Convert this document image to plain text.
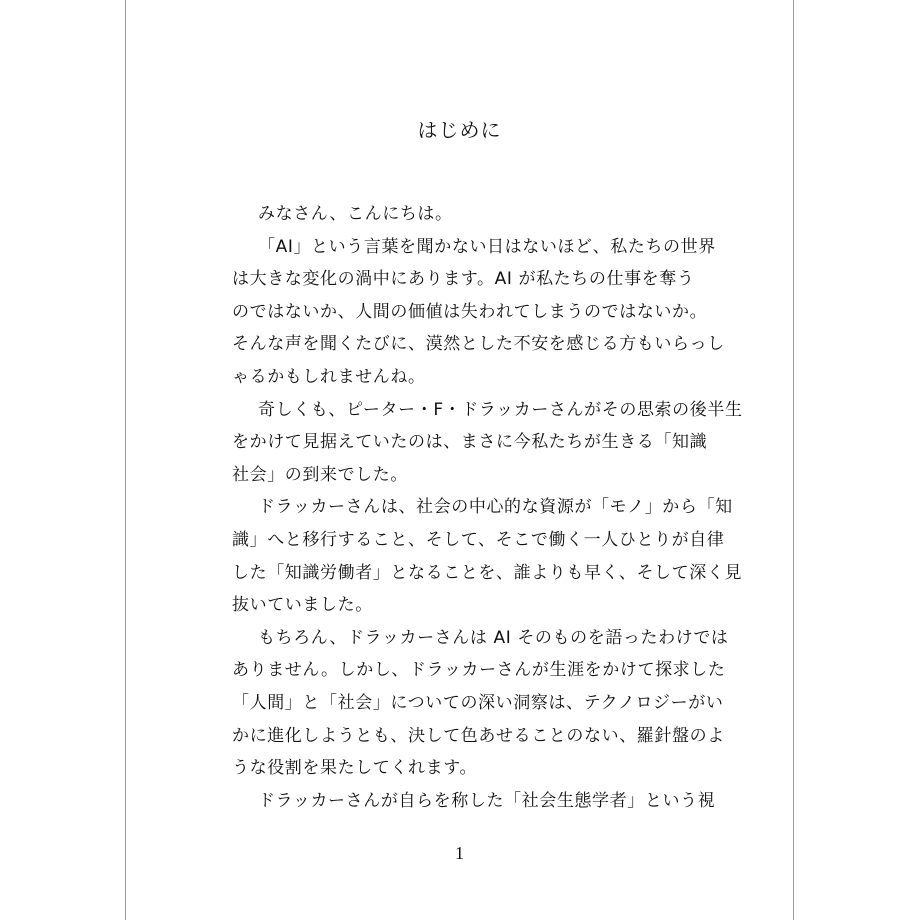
はじめに
みなさん、こんにちは。
「AI」という言葉を聞かない日はないほど、私たちの世界
は大きな変化の渦中にあります。AI が私たちの仕事を奪う
のではないか、人間の価値は失われてしまうのではないか。
そんな声を聞くたびに、漠然とした不安を感じる方もいらっし
ゃるかもしれませんね。
奇しくも、ピーター・F・ドラッカーさんがその思索の後半生
をかけて見据えていたのは、まさに今私たちが生きる「知識
社会」の到来でした。
ドラッカーさんは、社会の中心的な資源が「モノ」から「知
識」へと移行すること、そして、そこで働く一人ひとりが自律
した「知識労働者」となることを、誰よりも早く、そして深く見
抜いていました。
もちろん、ドラッカーさんは AI そのものを語ったわけでは
ありません。しかし、ドラッカーさんが生涯をかけて探求した
「人間」と「社会」についての深い洞察は、テクノロジーがい
かに進化しようとも、決して色あせることのない、羅針盤のよ
うな役割を果たしてくれます。
ドラッカーさんが自らを称した「社会生態学者」という視
1
